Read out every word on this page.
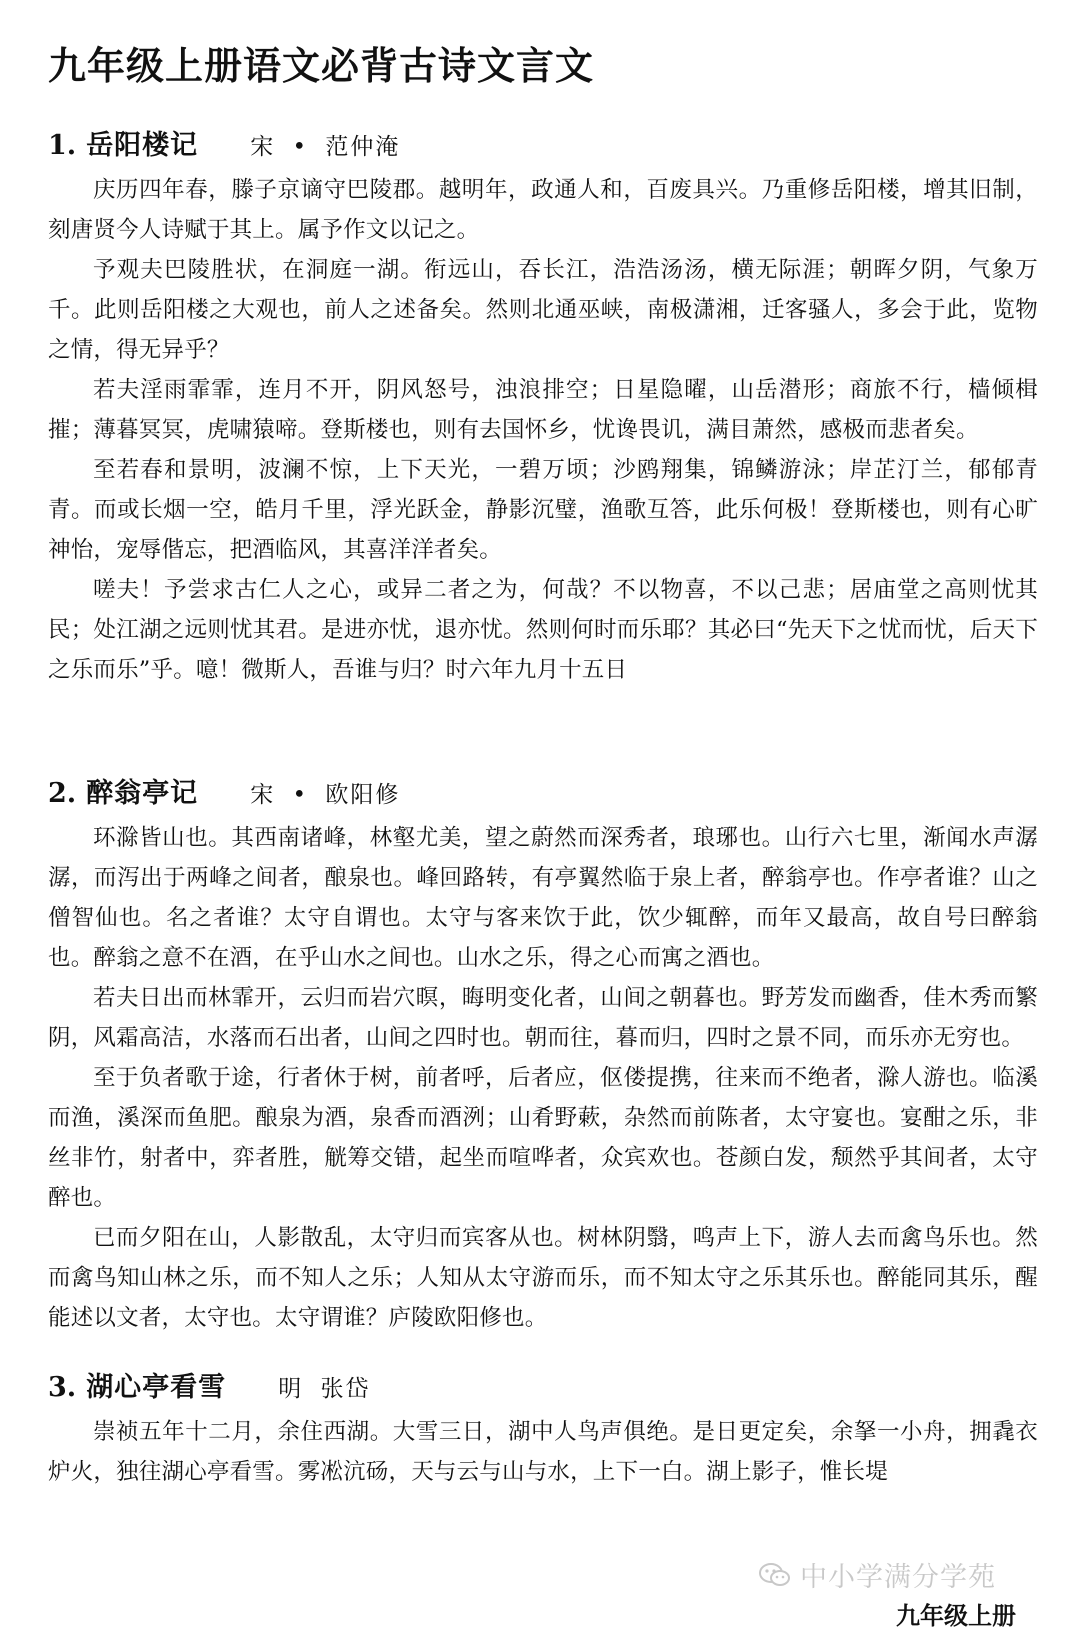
九年级上册语文必背古诗文言文
1. 岳阳楼记 宋 • 范仲淹

庆历四年春，滕子京谪守巴陵郡。越明年，政通人和，百废具兴。乃重修岳阳楼，增其旧制，刻唐贤今人诗赋于其上。属予作文以记之。

予观夫巴陵胜状，在洞庭一湖。衔远山，吞长江，浩浩汤汤，横无际涯；朝晖夕阴，气象万千。此则岳阳楼之大观也，前人之述备矣。然则北通巫峡，南极潇湘，迁客骚人，多会于此，览物之情，得无异乎？

若夫淫雨霏霏，连月不开，阴风怒号，浊浪排空；日星隐曜，山岳潜形；商旅不行，樯倾楫摧；薄暮冥冥，虎啸猿啼。登斯楼也，则有去国怀乡，忧谗畏讥，满目萧然，感极而悲者矣。

至若春和景明，波澜不惊，上下天光，一碧万顷；沙鸥翔集，锦鳞游泳；岸芷汀兰，郁郁青青。而或长烟一空，皓月千里，浮光跃金，静影沉璧，渔歌互答，此乐何极！登斯楼也，则有心旷神怡，宠辱偕忘，把酒临风，其喜洋洋者矣。

嗟夫！予尝求古仁人之心，或异二者之为，何哉？不以物喜，不以己悲；居庙堂之高则忧其民；处江湖之远则忧其君。是进亦忧，退亦忧。然则何时而乐耶？其必曰“先天下之忧而忧，后天下之乐而乐”乎。噫！微斯人，吾谁与归？时六年九月十五日

2. 醉翁亭记 宋 • 欧阳修

环滁皆山也。其西南诸峰，林壑尤美，望之蔚然而深秀者，琅琊也。山行六七里，渐闻水声潺潺，而泻出于两峰之间者，酿泉也。峰回路转，有亭翼然临于泉上者，醉翁亭也。作亭者谁？山之僧智仙也。名之者谁？太守自谓也。太守与客来饮于此，饮少辄醉，而年又最高，故自号曰醉翁也。醉翁之意不在酒，在乎山水之间也。山水之乐，得之心而寓之酒也。

若夫日出而林霏开，云归而岩穴暝，晦明变化者，山间之朝暮也。野芳发而幽香，佳木秀而繁阴，风霜高洁，水落而石出者，山间之四时也。朝而往，暮而归，四时之景不同，而乐亦无穷也。

至于负者歌于途，行者休于树，前者呼，后者应，伛偻提携，往来而不绝者，滁人游也。临溪而渔，溪深而鱼肥。酿泉为酒，泉香而酒洌；山肴野蔌，杂然而前陈者，太守宴也。宴酣之乐，非丝非竹，射者中，弈者胜，觥筹交错，起坐而喧哗者，众宾欢也。苍颜白发，颓然乎其间者，太守醉也。

已而夕阳在山，人影散乱，太守归而宾客从也。树林阴翳，鸣声上下，游人去而禽鸟乐也。然而禽鸟知山林之乐，而不知人之乐；人知从太守游而乐，而不知太守之乐其乐也。醉能同其乐，醒能述以文者，太守也。太守谓谁？庐陵欧阳修也。

3. 湖心亭看雪 明 张岱

崇祯五年十二月，余住西湖。大雪三日，湖中人鸟声俱绝。是日更定矣，余拏一小舟，拥毳衣炉火，独往湖心亭看雪。雾凇沆砀，天与云与山与水，上下一白。湖上影子，惟长堤

中小学满分学苑
九年级上册
